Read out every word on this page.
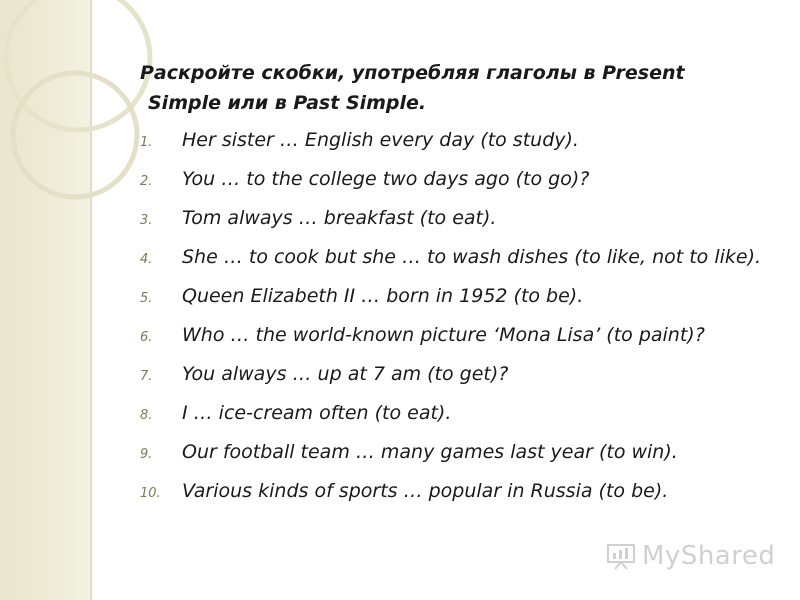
Раскройте скобки, употребляя глаголы в Present
Simple или в Past Simple.
1.	Her sister … English every day (to study).
2.	You … to the college two days ago (to go)?
3.	Tom always … breakfast (to eat).
4.	She … to cook but she … to wash dishes (to like, not to like).
5.	Queen Elizabeth II … born in 1952 (to be).
6.	Who … the world-known picture ‘Mona Lisa’ (to paint)?
7.	You always … up at 7 am (to get)?
8.	I … ice-cream often (to eat).
9.	Our football team … many games last year (to win).
10.	Various kinds of sports … popular in Russia (to be).
MyShared
